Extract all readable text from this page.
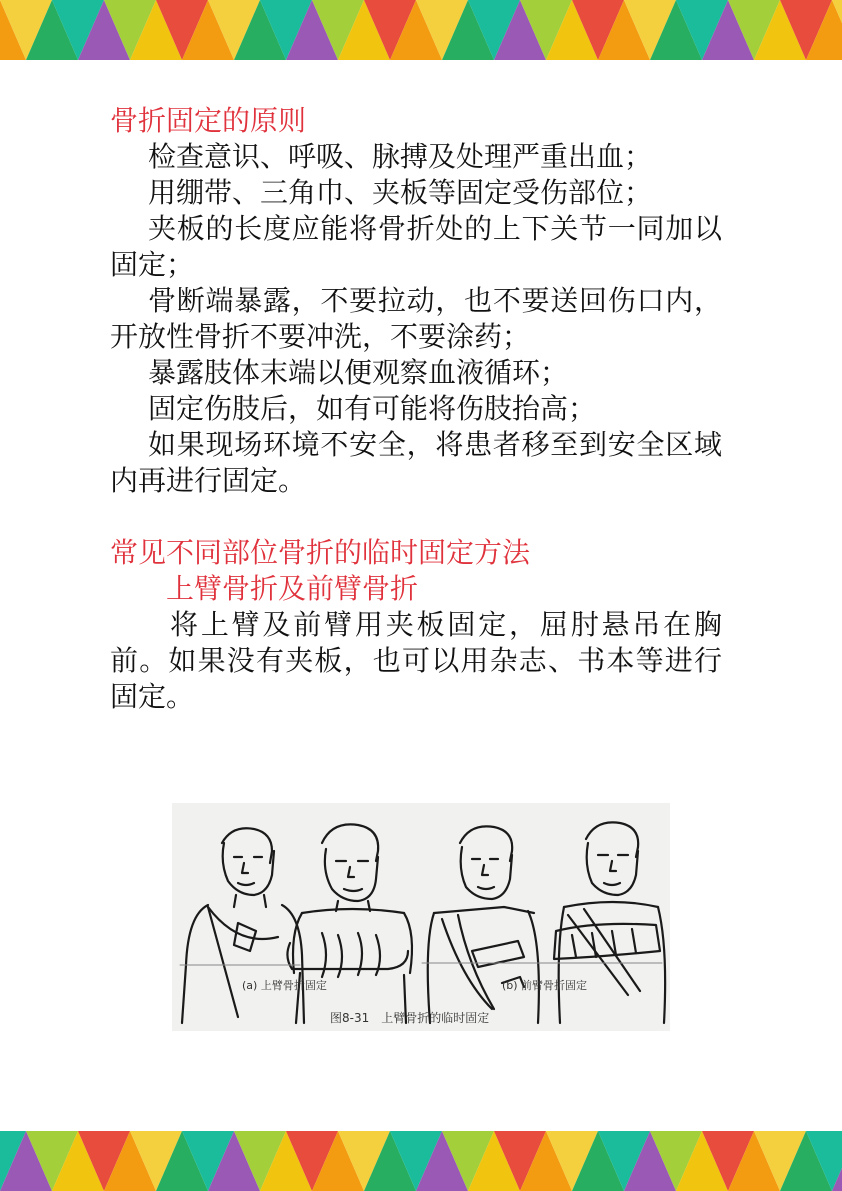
骨折固定的原则

检查意识、呼吸、脉搏及处理严重出血；

用绷带、三角巾、夹板等固定受伤部位；

夹板的长度应能将骨折处的上下关节一同加以固定；

骨断端暴露，不要拉动，也不要送回伤口内，开放性骨折不要冲洗，不要涂药；

暴露肢体末端以便观察血液循环；

固定伤肢后，如有可能将伤肢抬高；

如果现场环境不安全，将患者移至到安全区域内再进行固定。

常见不同部位骨折的临时固定方法
上臂骨折及前臂骨折

将上臂及前臂用夹板固定，屈肘悬吊在胸前。如果没有夹板，也可以用杂志、书本等进行固定。

(a) 上臂骨折固定	(b) 前臂骨折固定
图8-31　上臂骨折的临时固定
